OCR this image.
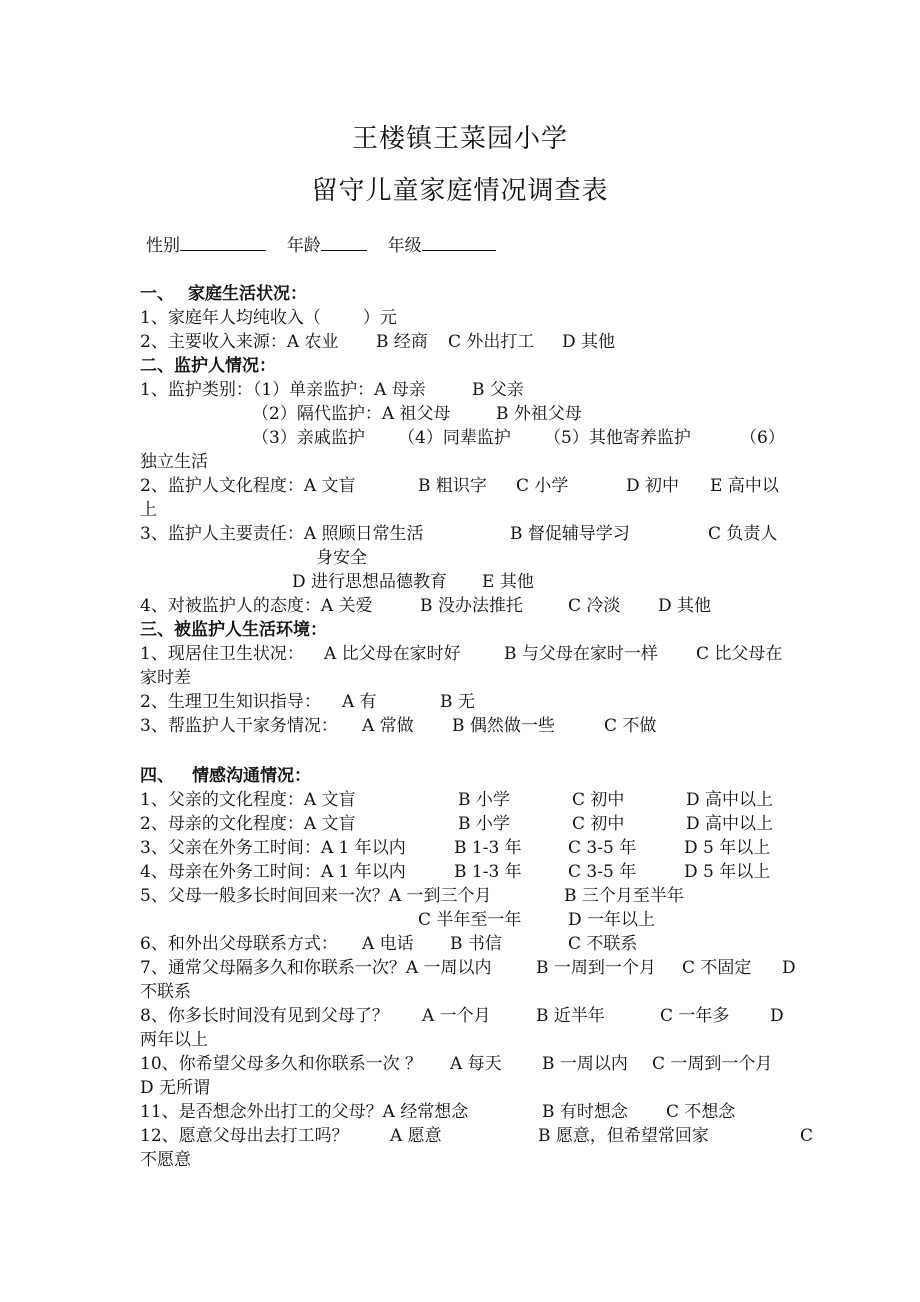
王楼镇王菜园小学
留守儿童家庭情况调查表
性别	年龄	年级
一、 家庭生活状况：
1、家庭年人均纯收入（ ）元
2、主要收入来源：A 农业 B 经商 C 外出打工 D 其他
二、监护人情况：
1、监护类别：（1）单亲监护：A 母亲	B 父亲
（2）隔代监护：A 祖父母	B 外祖父母
（3）亲戚监护 （4）同辈监护 （5）其他寄养监护	（6）
独立生活
2、监护人文化程度：A 文盲	B 粗识字 C 小学	D 初中 E 高中以
上
3、监护人主要责任：A 照顾日常生活	B 督促辅导学习	C 负责人
身安全
D 进行思想品德教育 E 其他
4、对被监护人的态度：A 关爱	B 没办法推托	C 冷淡 D 其他
三、被监护人生活环境：
1、现居住卫生状况： A 比父母在家时好	B 与父母在家时一样 C 比父母在
家时差
2、生理卫生知识指导： A 有	B 无
3、帮监护人干家务情况： A 常做 B 偶然做一些	C 不做
四、 情感沟通情况：
1、父亲的文化程度：A 文盲	B 小学	C 初中	D 高中以上
2、母亲的文化程度：A 文盲	B 小学	C 初中	D 高中以上
3、父亲在外务工时间：A 1 年以内	B 1-3 年	C 3-5 年	D 5 年以上
4、母亲在外务工时间：A 1 年以内	B 1-3 年	C 3-5 年	D 5 年以上
5、父母一般多长时间回来一次？A 一到三个月	B 三个月至半年
C 半年至一年	D 一年以上
6、和外出父母联系方式： A 电话 B 书信	C 不联系
7、通常父母隔多久和你联系一次？A 一周以内	B 一周到一个月 C 不固定 D
不联系
8、你多长时间没有见到父母了？ A 一个月	B 近半年	C 一年多 D
两年以上
10、你希望父母多久和你联系一次 ？ A 每天 B 一周以内 C 一周到一个月
D 无所谓
11、是否想念外出打工的父母？A 经常想念	B 有时想念 C 不想念
12、愿意父母出去打工吗？ A 愿意	B 愿意，但希望常回家	C
不愿意
